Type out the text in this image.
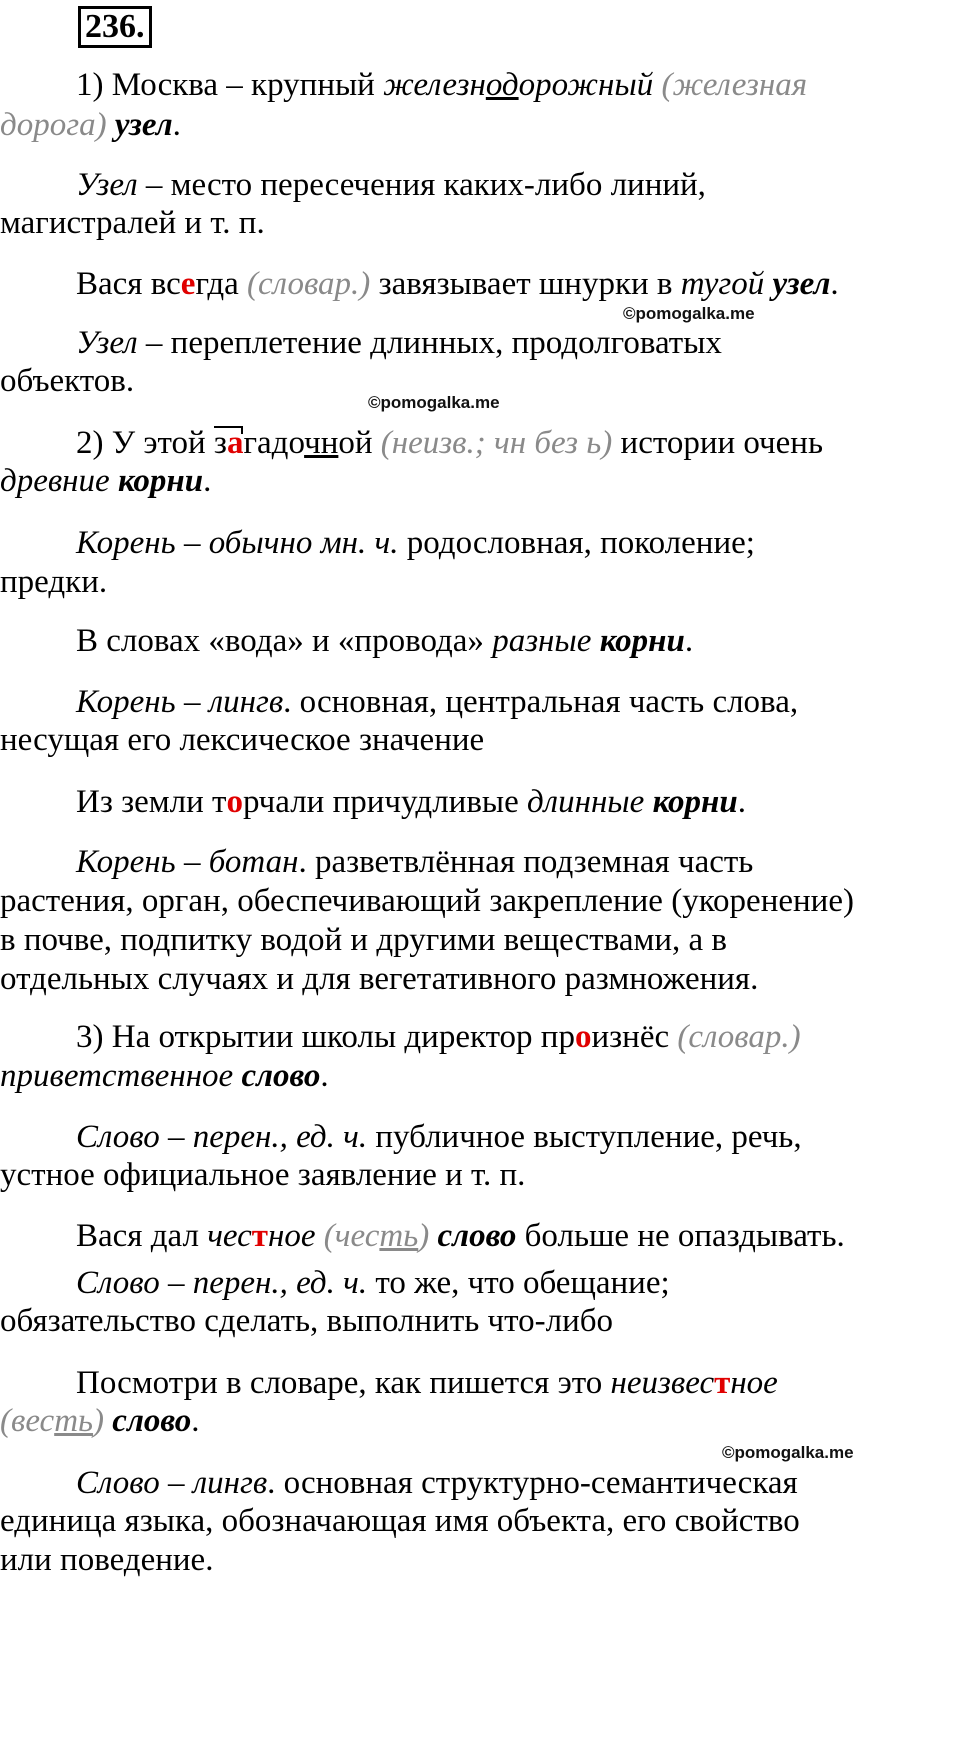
236.
1) Москва – крупный железнодорожный (железная
дорога) узел.
Узел – место пересечения каких-либо линий,
магистралей и т. п.
Вася всегда (словар.) завязывает шнурки в тугой узел.
©pomogalka.me
Узел – переплетение длинных, продолговатых
объектов.
©pomogalka.me
2) У этой загадочной (неизв.; чн без ь) истории очень
древние корни.
Корень – обычно мн. ч. родословная, поколение;
предки.
В словах «вода» и «провода» разные корни.
Корень – лингв. основная, центральная часть слова,
несущая его лексическое значение
Из земли торчали причудливые длинные корни.
Корень – ботан. разветвлённая подземная часть
растения, орган, обеспечивающий закрепление (укоренение)
в почве, подпитку водой и другими веществами, а в
отдельных случаях и для вегетативного размножения.
3) На открытии школы директор произнёс (словар.)
приветственное слово.
Слово – перен., ед. ч. публичное выступление, речь,
устное официальное заявление и т. п.
Вася дал честное (честь) слово больше не опаздывать.
Слово – перен., ед. ч. то же, что обещание;
обязательство сделать, выполнить что-либо
Посмотри в словаре, как пишется это неизвестное
(весть) слово.
©pomogalka.me
Слово – лингв. основная структурно-семантическая
единица языка, обозначающая имя объекта, его свойство
или поведение.
